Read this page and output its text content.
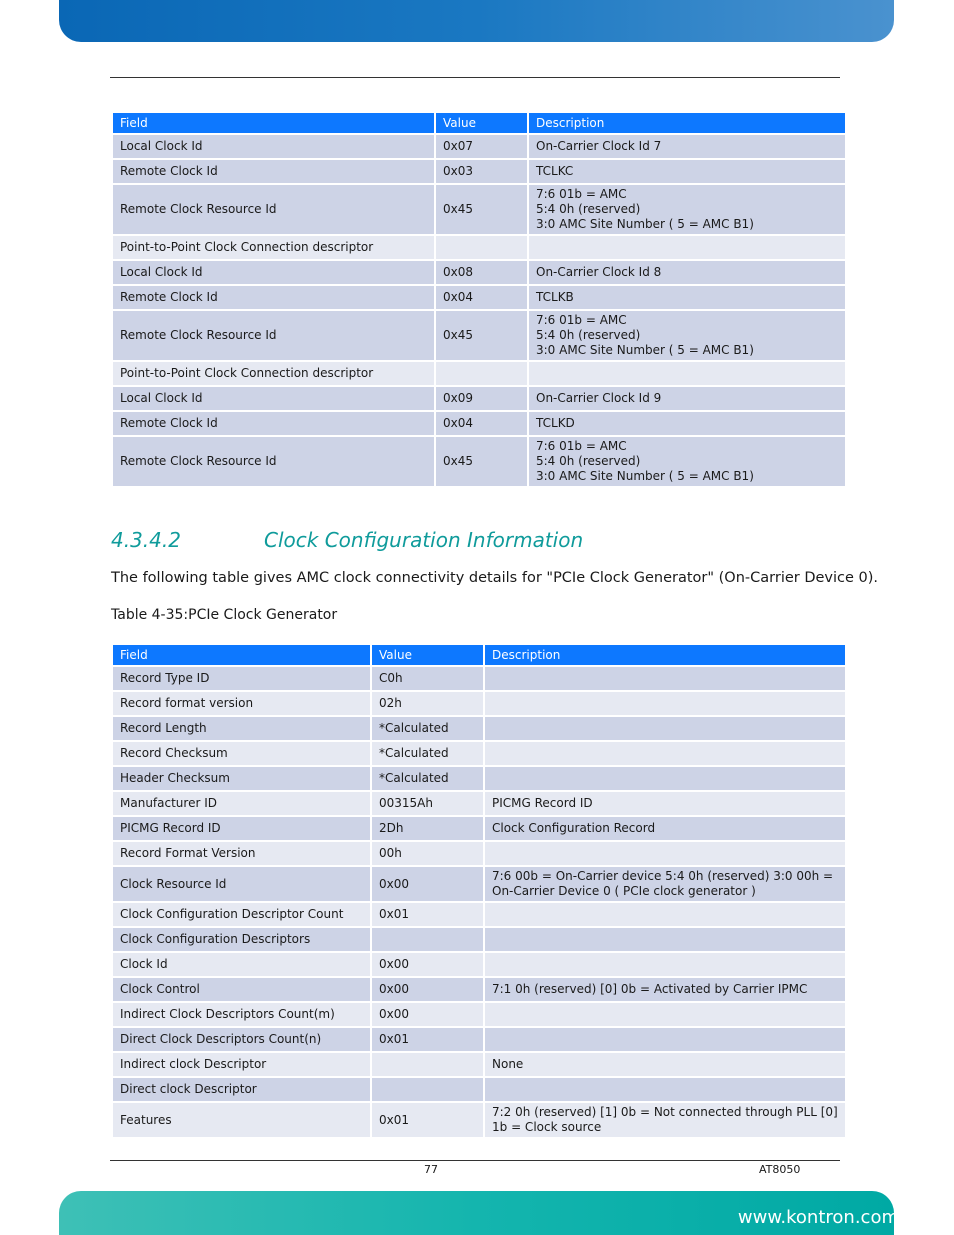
Field	Value	Description
Local Clock Id	0x07	On-Carrier Clock Id 7
Remote Clock Id	0x03	TCLKC
Remote Clock Resource Id	0x45	7:6 01b = AMC
5:4 0h (reserved)
3:0 AMC Site Number ( 5 = AMC B1)
Point-to-Point Clock Connection descriptor		
Local Clock Id	0x08	On-Carrier Clock Id 8
Remote Clock Id	0x04	TCLKB
Remote Clock Resource Id	0x45	7:6 01b = AMC
5:4 0h (reserved)
3:0 AMC Site Number ( 5 = AMC B1)
Point-to-Point Clock Connection descriptor		
Local Clock Id	0x09	On-Carrier Clock Id 9
Remote Clock Id	0x04	TCLKD
Remote Clock Resource Id	0x45	7:6 01b = AMC
5:4 0h (reserved)
3:0 AMC Site Number ( 5 = AMC B1)
4.3.4.2	Clock Configuration Information
The following table gives AMC clock connectivity details for "PCIe Clock Generator" (On-Carrier Device 0).
Table 4-35:PCIe Clock Generator
Field	Value	Description
Record Type ID	C0h	
Record format version	02h	
Record Length	*Calculated	
Record Checksum	*Calculated	
Header Checksum	*Calculated	
Manufacturer ID	00315Ah	PICMG Record ID
PICMG Record ID	2Dh	Clock Configuration Record
Record Format Version	00h	
Clock Resource Id	0x00	7:6 00b = On-Carrier device 5:4 0h (reserved) 3:0 00h = On-Carrier Device 0 ( PCIe clock generator )
Clock Configuration Descriptor Count	0x01	
Clock Configuration Descriptors		
Clock Id	0x00	
Clock Control	0x00	7:1 0h (reserved) [0] 0b = Activated by Carrier IPMC
Indirect Clock Descriptors Count(m)	0x00	
Direct Clock Descriptors Count(n)	0x01	
Indirect clock Descriptor		None
Direct clock Descriptor		
Features	0x01	7:2 0h (reserved) [1] 0b = Not connected through PLL [0] 1b = Clock source
77	AT8050
www.kontron.com
